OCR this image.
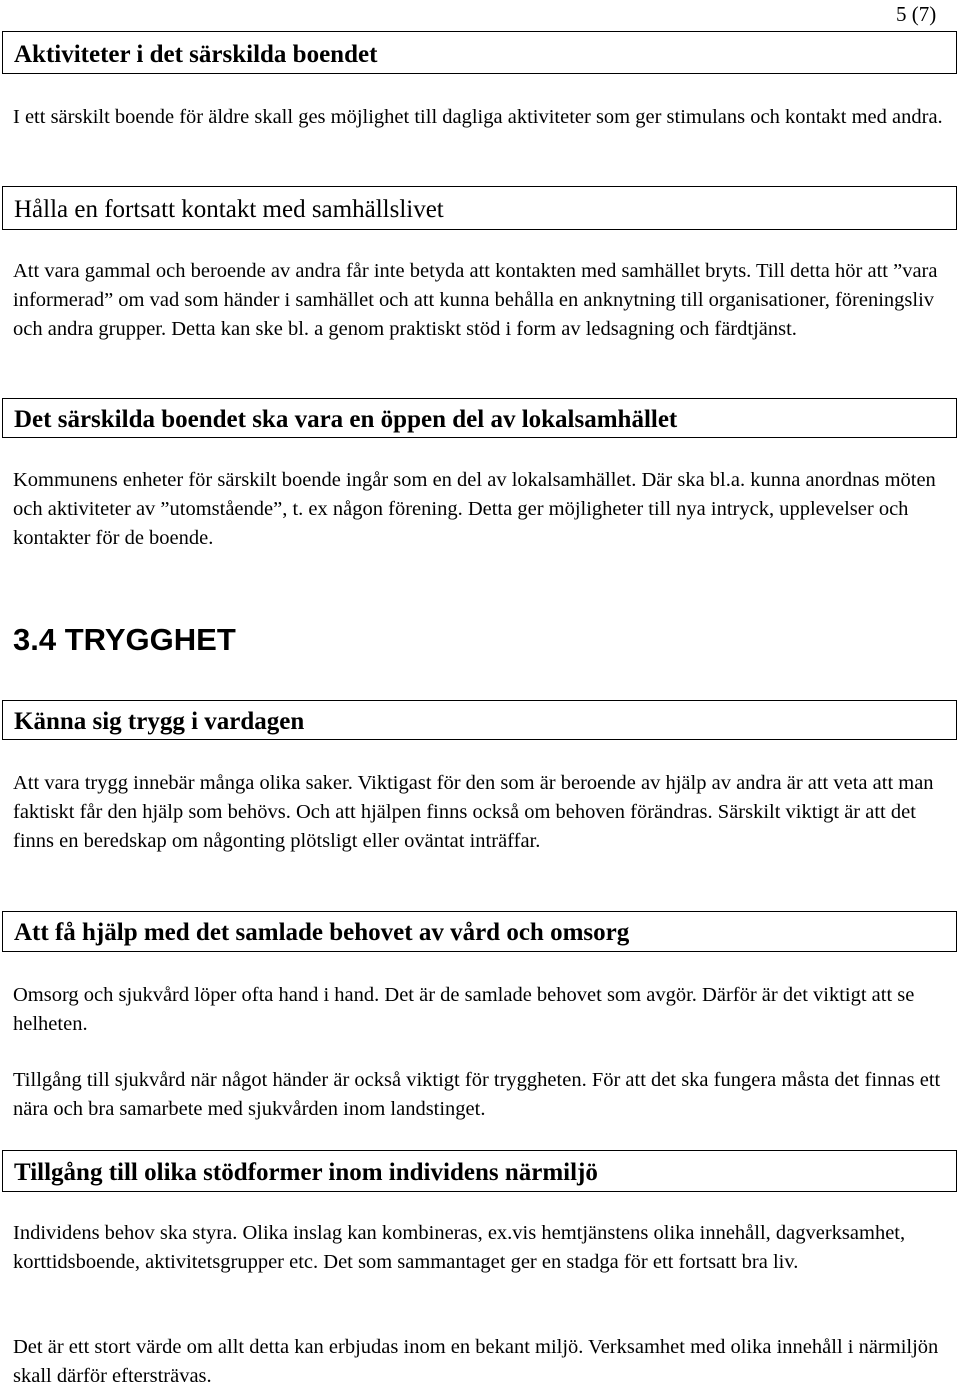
5 (7)
Aktiviteter i det särskilda boendet

I ett särskilt boende för äldre skall ges möjlighet till dagliga aktiviteter som ger stimulans och kontakt med andra.

Hålla en fortsatt kontakt med samhällslivet

Att vara gammal och beroende av andra får inte betyda att kontakten med samhället bryts. Till detta hör att ”vara informerad” om vad som händer i samhället och att kunna behålla en anknytning till organisationer, föreningsliv och andra grupper. Detta kan ske bl. a genom praktiskt stöd i form av ledsagning och färdtjänst.

Det särskilda boendet ska vara en öppen del av lokalsamhället

Kommunens enheter för särskilt boende ingår som en del av lokalsamhället. Där ska bl.a. kunna anordnas möten och aktiviteter av ”utomstående”, t. ex någon förening. Detta ger möjligheter till nya intryck, upplevelser och kontakter för de boende.

3.4 TRYGGHET
Känna sig trygg i vardagen

Att vara trygg innebär många olika saker. Viktigast för den som är beroende av hjälp av andra är att veta att man faktiskt får den hjälp som behövs. Och att hjälpen finns också om behoven förändras. Särskilt viktigt är att det finns en beredskap om någonting plötsligt eller oväntat inträffar.

Att få hjälp med det samlade behovet av vård och omsorg

Omsorg och sjukvård löper ofta hand i hand. Det är de samlade behovet som avgör. Därför är det viktigt att se helheten.

Tillgång till sjukvård när något händer är också viktigt för tryggheten. För att det ska fungera måsta det finnas ett nära och bra samarbete med sjukvården inom landstinget.

Tillgång till olika stödformer inom individens närmiljö

Individens behov ska styra. Olika inslag kan kombineras, ex.vis hemtjänstens olika innehåll, dagverksamhet, korttidsboende, aktivitetsgrupper etc. Det som sammantaget ger en stadga för ett fortsatt bra liv.

Det är ett stort värde om allt detta kan erbjudas inom en bekant miljö. Verksamhet med olika innehåll i närmiljön skall därför eftersträvas.
